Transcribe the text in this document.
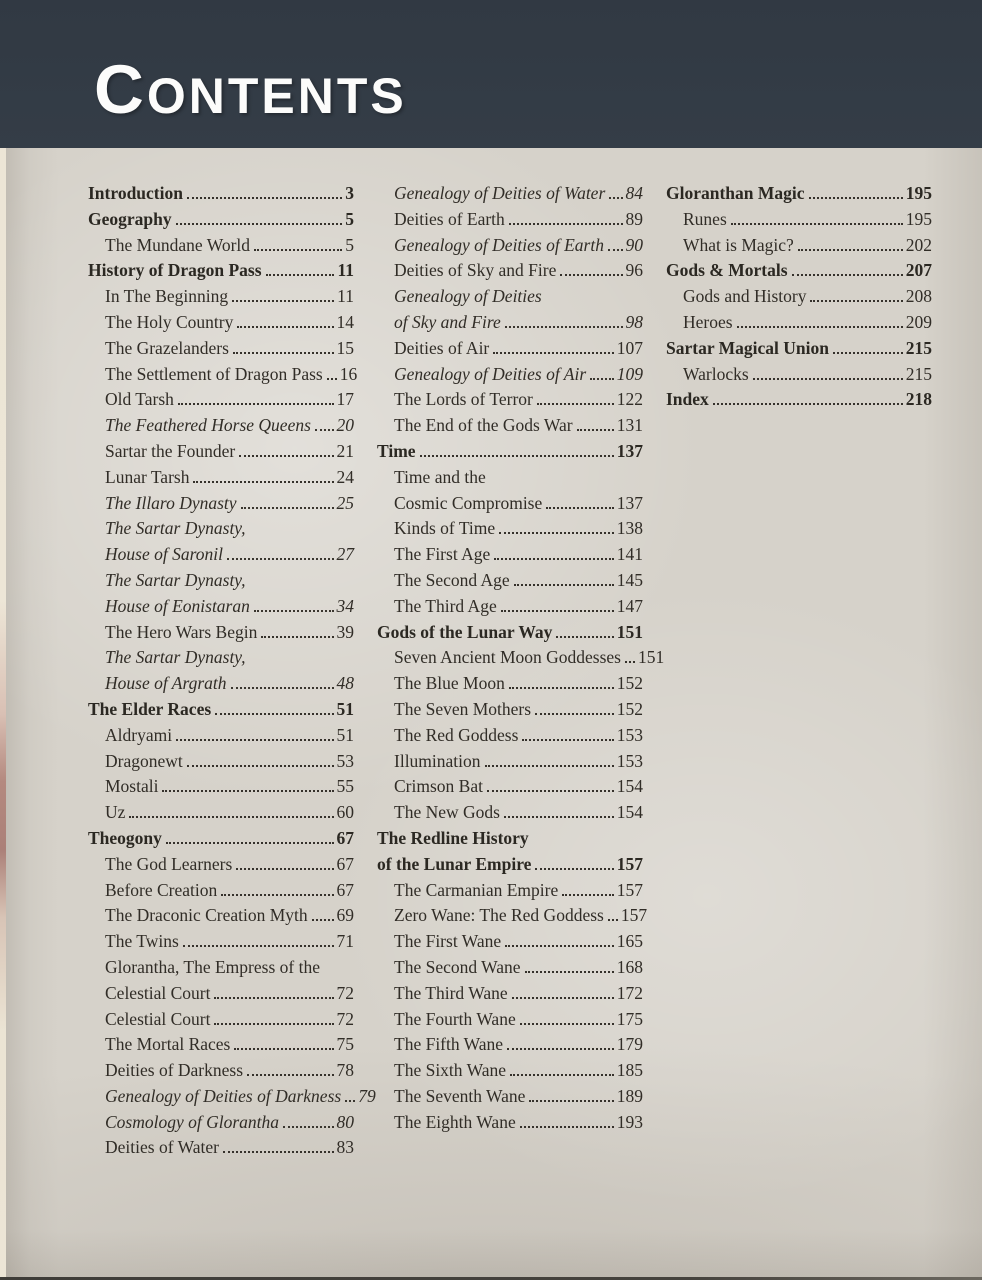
CONTENTS
Introduction	3
Geography	5
The Mundane World	5
History of Dragon Pass	11
In The Beginning	11
The Holy Country	14
The Grazelanders	15
The Settlement of Dragon Pass 16
Old Tarsh	17
The Feathered Horse Queens 20
Sartar the Founder	21
Lunar Tarsh	24
The Illaro Dynasty	25
The Sartar Dynasty,
House of Saronil	27
The Sartar Dynasty,
House of Eonistaran	34
The Hero Wars Begin	39
The Sartar Dynasty,
House of Argrath	48
The Elder Races	51
Aldryami	51
Dragonewt	53
Mostali	55
Uz	60
Theogony	67
The God Learners	67
Before Creation	67
The Draconic Creation Myth 69
The Twins	71
Glorantha, The Empress of the
Celestial Court	72
Celestial Court	72
The Mortal Races	75
Deities of Darkness	78
Genealogy of Deities of Darkness 79
Cosmology of Glorantha	80
Deities of Water	83
Genealogy of Deities of Water 84
Deities of Earth	89
Genealogy of Deities of Earth 90
Deities of Sky and Fire	96
Genealogy of Deities
of Sky and Fire	98
Deities of Air	107
Genealogy of Deities of Air 109
The Lords of Terror	122
The End of the Gods War	131
Time	137
Time and the
Cosmic Compromise	137
Kinds of Time	138
The First Age	141
The Second Age	145
The Third Age	147
Gods of the Lunar Way	151
Seven Ancient Moon Goddesses 151
The Blue Moon	152
The Seven Mothers	152
The Red Goddess	153
Illumination	153
Crimson Bat	154
The New Gods	154
The Redline History
of the Lunar Empire	157
The Carmanian Empire	157
Zero Wane: The Red Goddess 157
The First Wane	165
The Second Wane	168
The Third Wane	172
The Fourth Wane	175
The Fifth Wane	179
The Sixth Wane	185
The Seventh Wane	189
The Eighth Wane	193
Gloranthan Magic	195
Runes	195
What is Magic?	202
Gods & Mortals	207
Gods and History	208
Heroes	209
Sartar Magical Union	215
Warlocks	215
Index	218
